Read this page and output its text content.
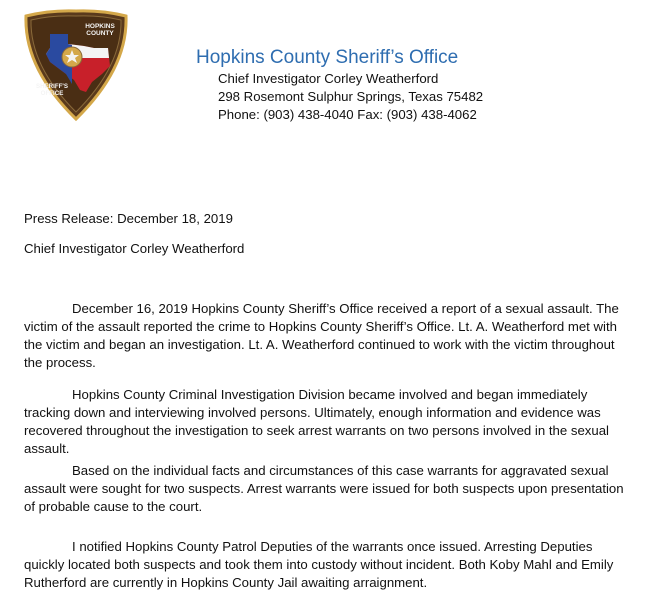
HOPKINS
COUNTY
SHERIFF'S
OFFICE
Hopkins County Sheriff’s Office
Chief Investigator Corley Weatherford
298 Rosemont Sulphur Springs, Texas 75482
Phone: (903) 438-4040 Fax: (903) 438-4062
Press Release: December 18, 2019
Chief Investigator Corley Weatherford

December 16, 2019 Hopkins County Sheriff’s Office received a report of a sexual assault. The victim of the assault reported the crime to Hopkins County Sheriff’s Office. Lt. A. Weatherford met with the victim and began an investigation. Lt. A. Weatherford continued to work with the victim throughout the process.

Hopkins County Criminal Investigation Division became involved and began immediately tracking down and interviewing involved persons. Ultimately, enough information and evidence was recovered throughout the investigation to seek arrest warrants on two persons involved in the sexual assault.

Based on the individual facts and circumstances of this case warrants for aggravated sexual assault were sought for two suspects. Arrest warrants were issued for both suspects upon presentation of probable cause to the court.

I notified Hopkins County Patrol Deputies of the warrants once issued. Arresting Deputies quickly located both suspects and took them into custody without incident. Both Koby Mahl and Emily Rutherford are currently in Hopkins County Jail awaiting arraignment.
